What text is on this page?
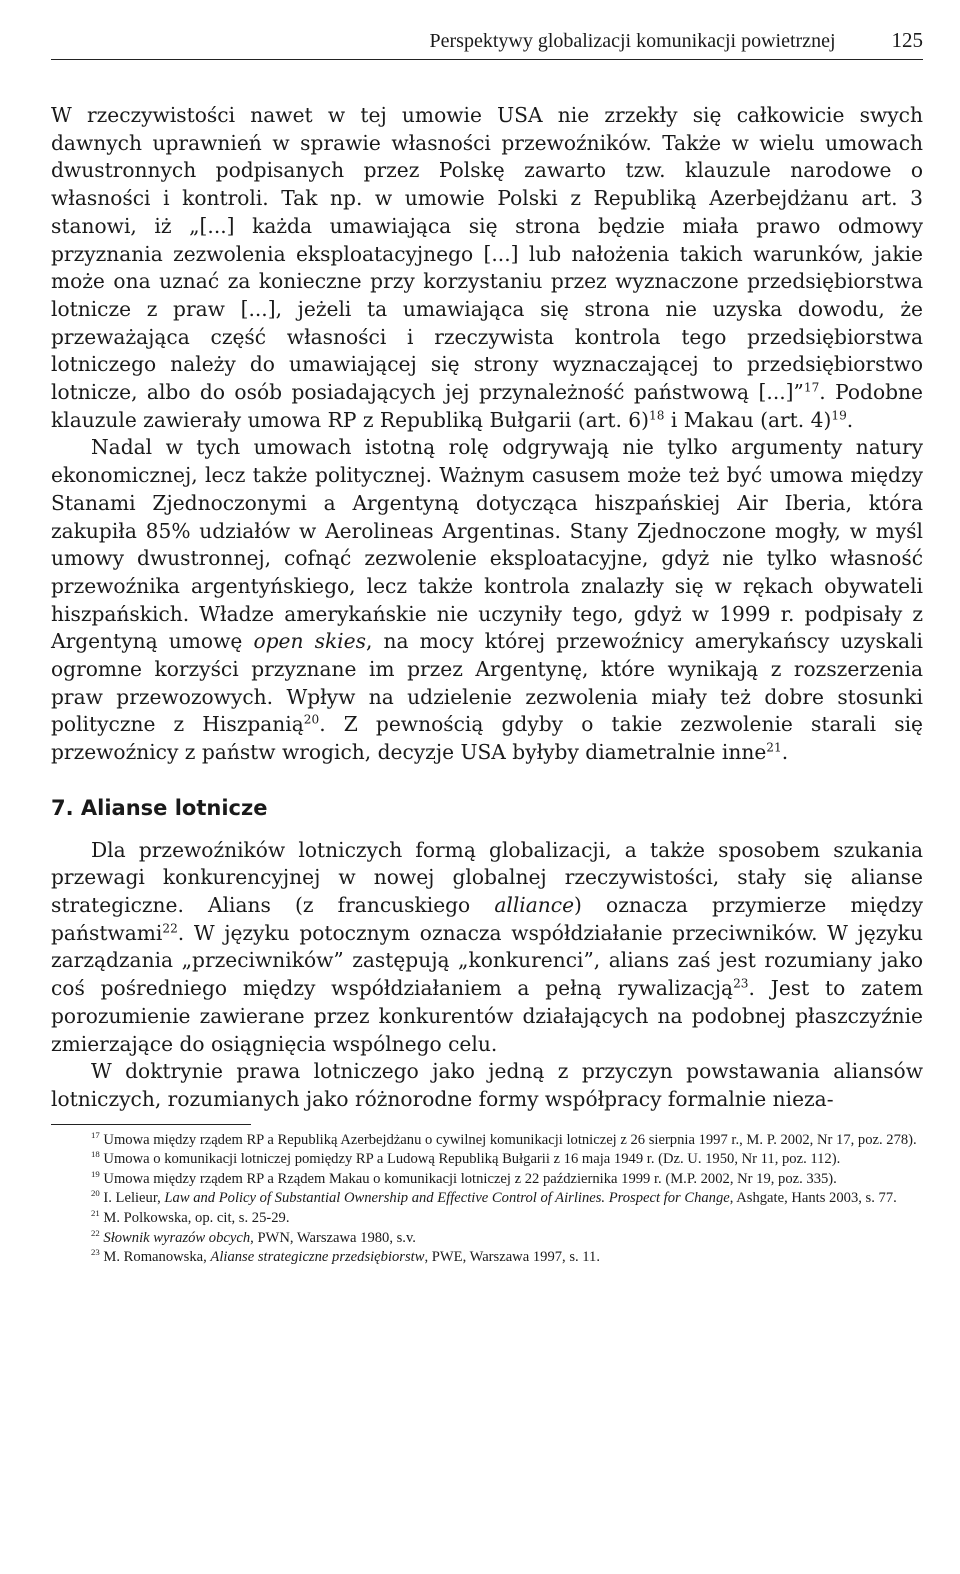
Perspektywy globalizacji komunikacji powietrznej	125

W rzeczywistości nawet w tej umowie USA nie zrzekły się całkowicie swych dawnych uprawnień w sprawie własności przewoźników. Także w wielu umowach dwustronnych podpisanych przez Polskę zawarto tzw. klauzule narodowe o własności i kontroli. Tak np. w umowie Polski z Republiką Azerbejdżanu art. 3 stanowi, iż „[...] każda umawiająca się strona będzie miała prawo odmowy przyznania zezwolenia eksploatacyjnego [...] lub nałożenia takich warunków, jakie może ona uznać za konieczne przy korzystaniu przez wyznaczone przedsiębiorstwa lotnicze z praw [...], jeżeli ta umawiająca się strona nie uzyska dowodu, że przeważająca część własności i rzeczywista kontrola tego przedsiębiorstwa lotniczego należy do umawiającej się strony wyznaczającej to przedsiębiorstwo lotnicze, albo do osób posiadających jej przynależność państwową [...]”$^{17}$. Podobne klauzule zawierały umowa RP z Republiką Bułgarii (art. 6)$^{18}$ i Makau (art. 4)$^{19}$.

Nadal w tych umowach istotną rolę odgrywają nie tylko argumenty natury ekonomicznej, lecz także politycznej. Ważnym casusem może też być umowa między Stanami Zjednoczonymi a Argentyną dotycząca hiszpańskiej Air Iberia, która zakupiła 85% udziałów w Aerolineas Argentinas. Stany Zjednoczone mogły, w myśl umowy dwustronnej, cofnąć zezwolenie eksploatacyjne, gdyż nie tylko własność przewoźnika argentyńskiego, lecz także kontrola znalazły się w rękach obywateli hiszpańskich. Władze amerykańskie nie uczyniły tego, gdyż w 1999 r. podpisały z Argentyną umowę open skies, na mocy której przewoźnicy amerykańscy uzyskali ogromne korzyści przyznane im przez Argentynę, które wynikają z rozszerzenia praw przewozowych. Wpływ na udzielenie zezwolenia miały też dobre stosunki polityczne z Hiszpanią$^{20}$. Z pewnością gdyby o takie zezwolenie starali się przewoźnicy z państw wrogich, decyzje USA byłyby diametralnie inne$^{21}$.

7. Alianse lotnicze

Dla przewoźników lotniczych formą globalizacji, a także sposobem szukania przewagi konkurencyjnej w nowej globalnej rzeczywistości, stały się alianse strategiczne. Alians (z francuskiego alliance) oznacza przymierze między państwami$^{22}$. W języku potocznym oznacza współdziałanie przeciwników. W języku zarządzania „przeciwników” zastępują „konkurenci”, alians zaś jest rozumiany jako coś pośredniego między współdziałaniem a pełną rywalizacją$^{23}$. Jest to zatem porozumienie zawierane przez konkurentów działających na podobnej płaszczyźnie zmierzające do osiągnięcia wspólnego celu.

W doktrynie prawa lotniczego jako jedną z przyczyn powstawania aliansów lotniczych, rozumianych jako różnorodne formy współpracy formalnie nieza-

$^{17}$ Umowa między rządem RP a Republiką Azerbejdżanu o cywilnej komunikacji lotniczej z 26 sierpnia 1997 r., M. P. 2002, Nr 17, poz. 278).

$^{18}$ Umowa o komunikacji lotniczej pomiędzy RP a Ludową Republiką Bułgarii z 16 maja 1949 r. (Dz. U. 1950, Nr 11, poz. 112).

$^{19}$ Umowa między rządem RP a Rządem Makau o komunikacji lotniczej z 22 października 1999 r. (M.P. 2002, Nr 19, poz. 335).

$^{20}$ I. Lelieur, Law and Policy of Substantial Ownership and Effective Control of Airlines. Prospect for Change, Ashgate, Hants 2003, s. 77.

$^{21}$ M. Polkowska, op. cit, s. 25-29.

$^{22}$ Słownik wyrazów obcych, PWN, Warszawa 1980, s.v.

$^{23}$ M. Romanowska, Alianse strategiczne przedsiębiorstw, PWE, Warszawa 1997, s. 11.
